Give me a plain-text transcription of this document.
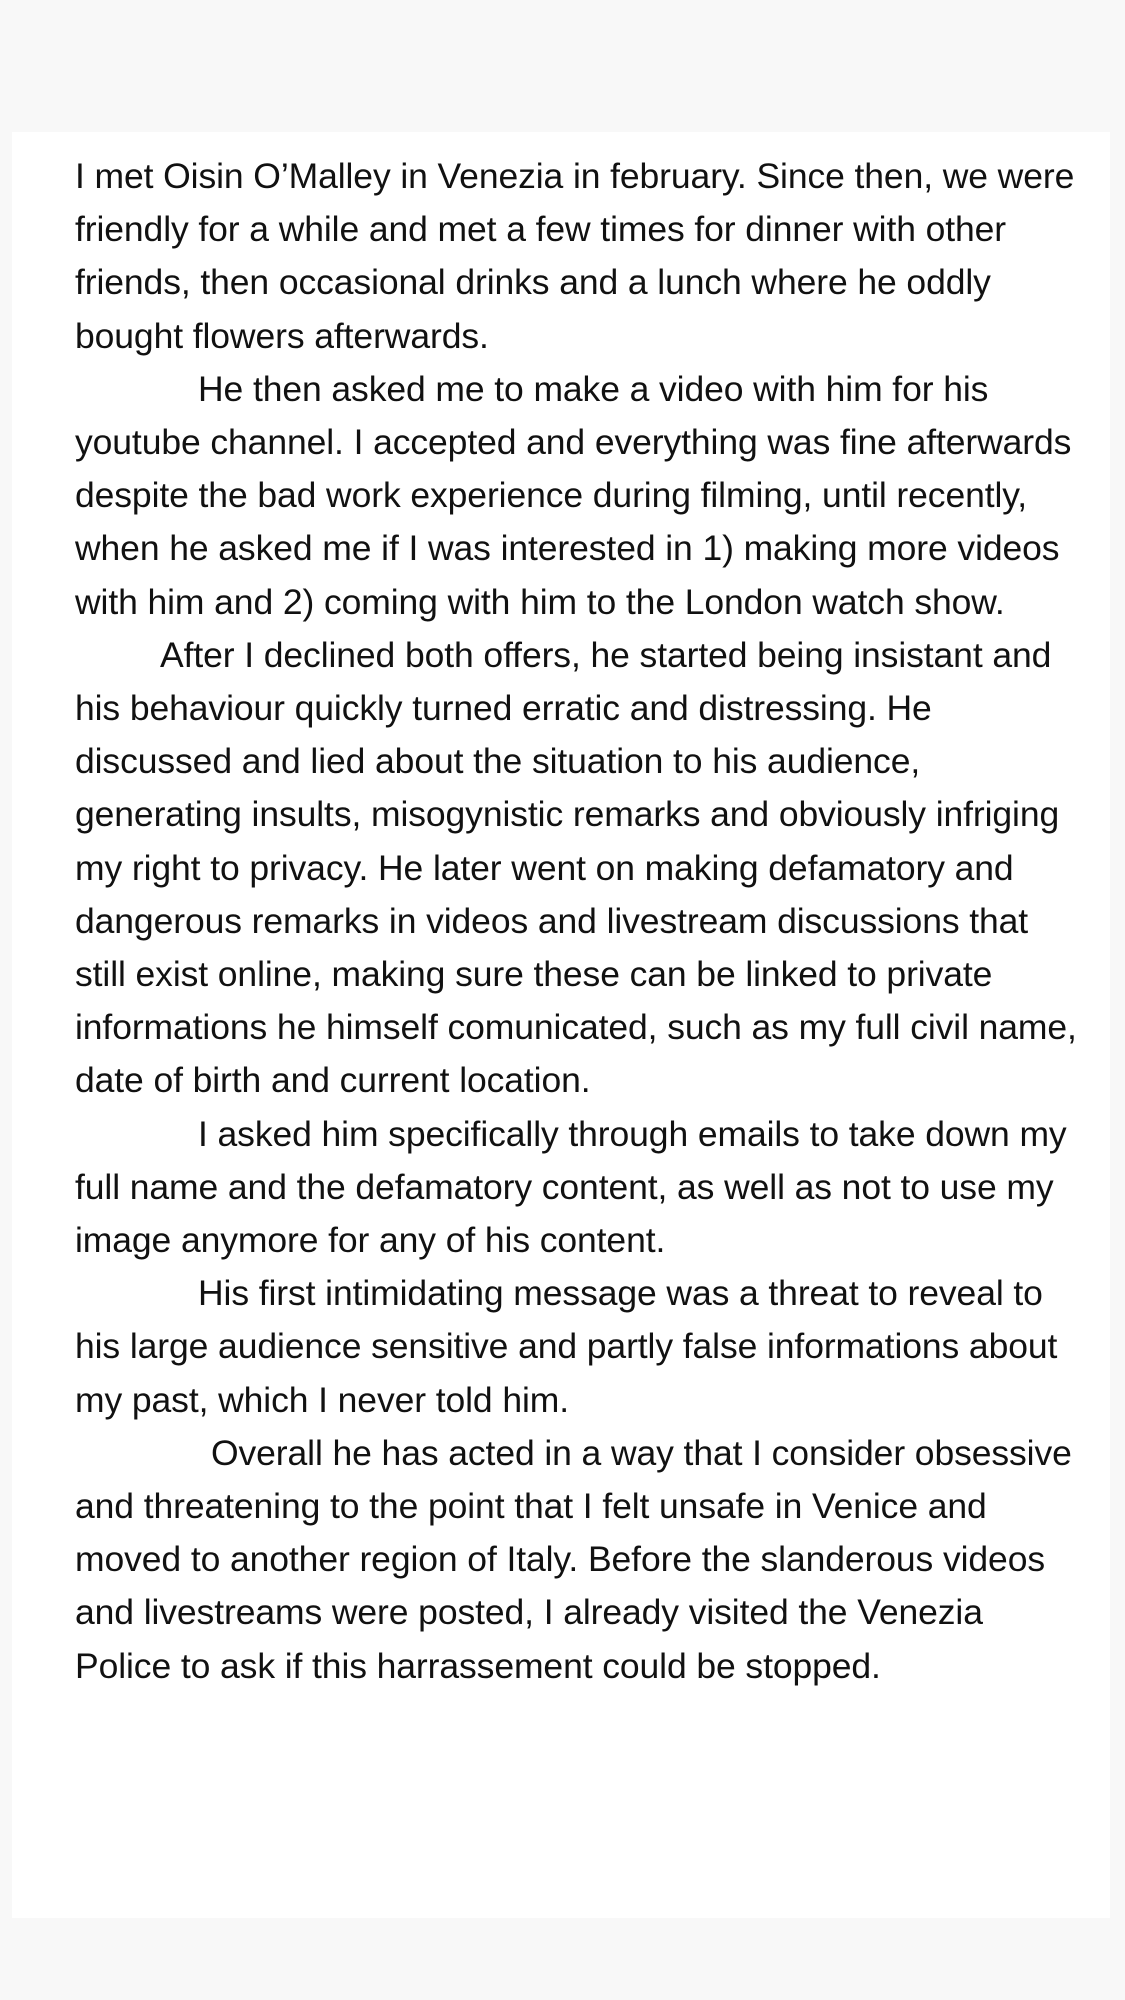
I met Oisin O’Malley in Venezia in february. Since then, we were friendly for a while and met a few times for dinner with other friends, then occasional drinks and a lunch where he oddly bought flowers afterwards.

He then asked me to make a video with him for his youtube channel. I accepted and everything was fine afterwards despite the bad work experience during filming, until recently, when he asked me if I was interested in 1) making more videos with him and 2) coming with him to the London watch show.

After I declined both offers, he started being insistant and his behaviour quickly turned erratic and distressing. He discussed and lied about the situation to his audience, generating insults, misogynistic remarks and obviously infriging my right to privacy. He later went on making defamatory and dangerous remarks in videos and livestream discussions that still exist online, making sure these can be linked to private informations he himself comunicated, such as my full civil name, date of birth and current location.

I asked him specifically through emails to take down my full name and the defamatory content, as well as not to use my image anymore for any of his content.

His first intimidating message was a threat to reveal to his large audience sensitive and partly false informations about my past, which I never told him.

Overall he has acted in a way that I consider obsessive and threatening to the point that I felt unsafe in Venice and moved to another region of Italy. Before the slanderous videos and livestreams were posted, I already visited the Venezia Police to ask if this harrassement could be stopped.
